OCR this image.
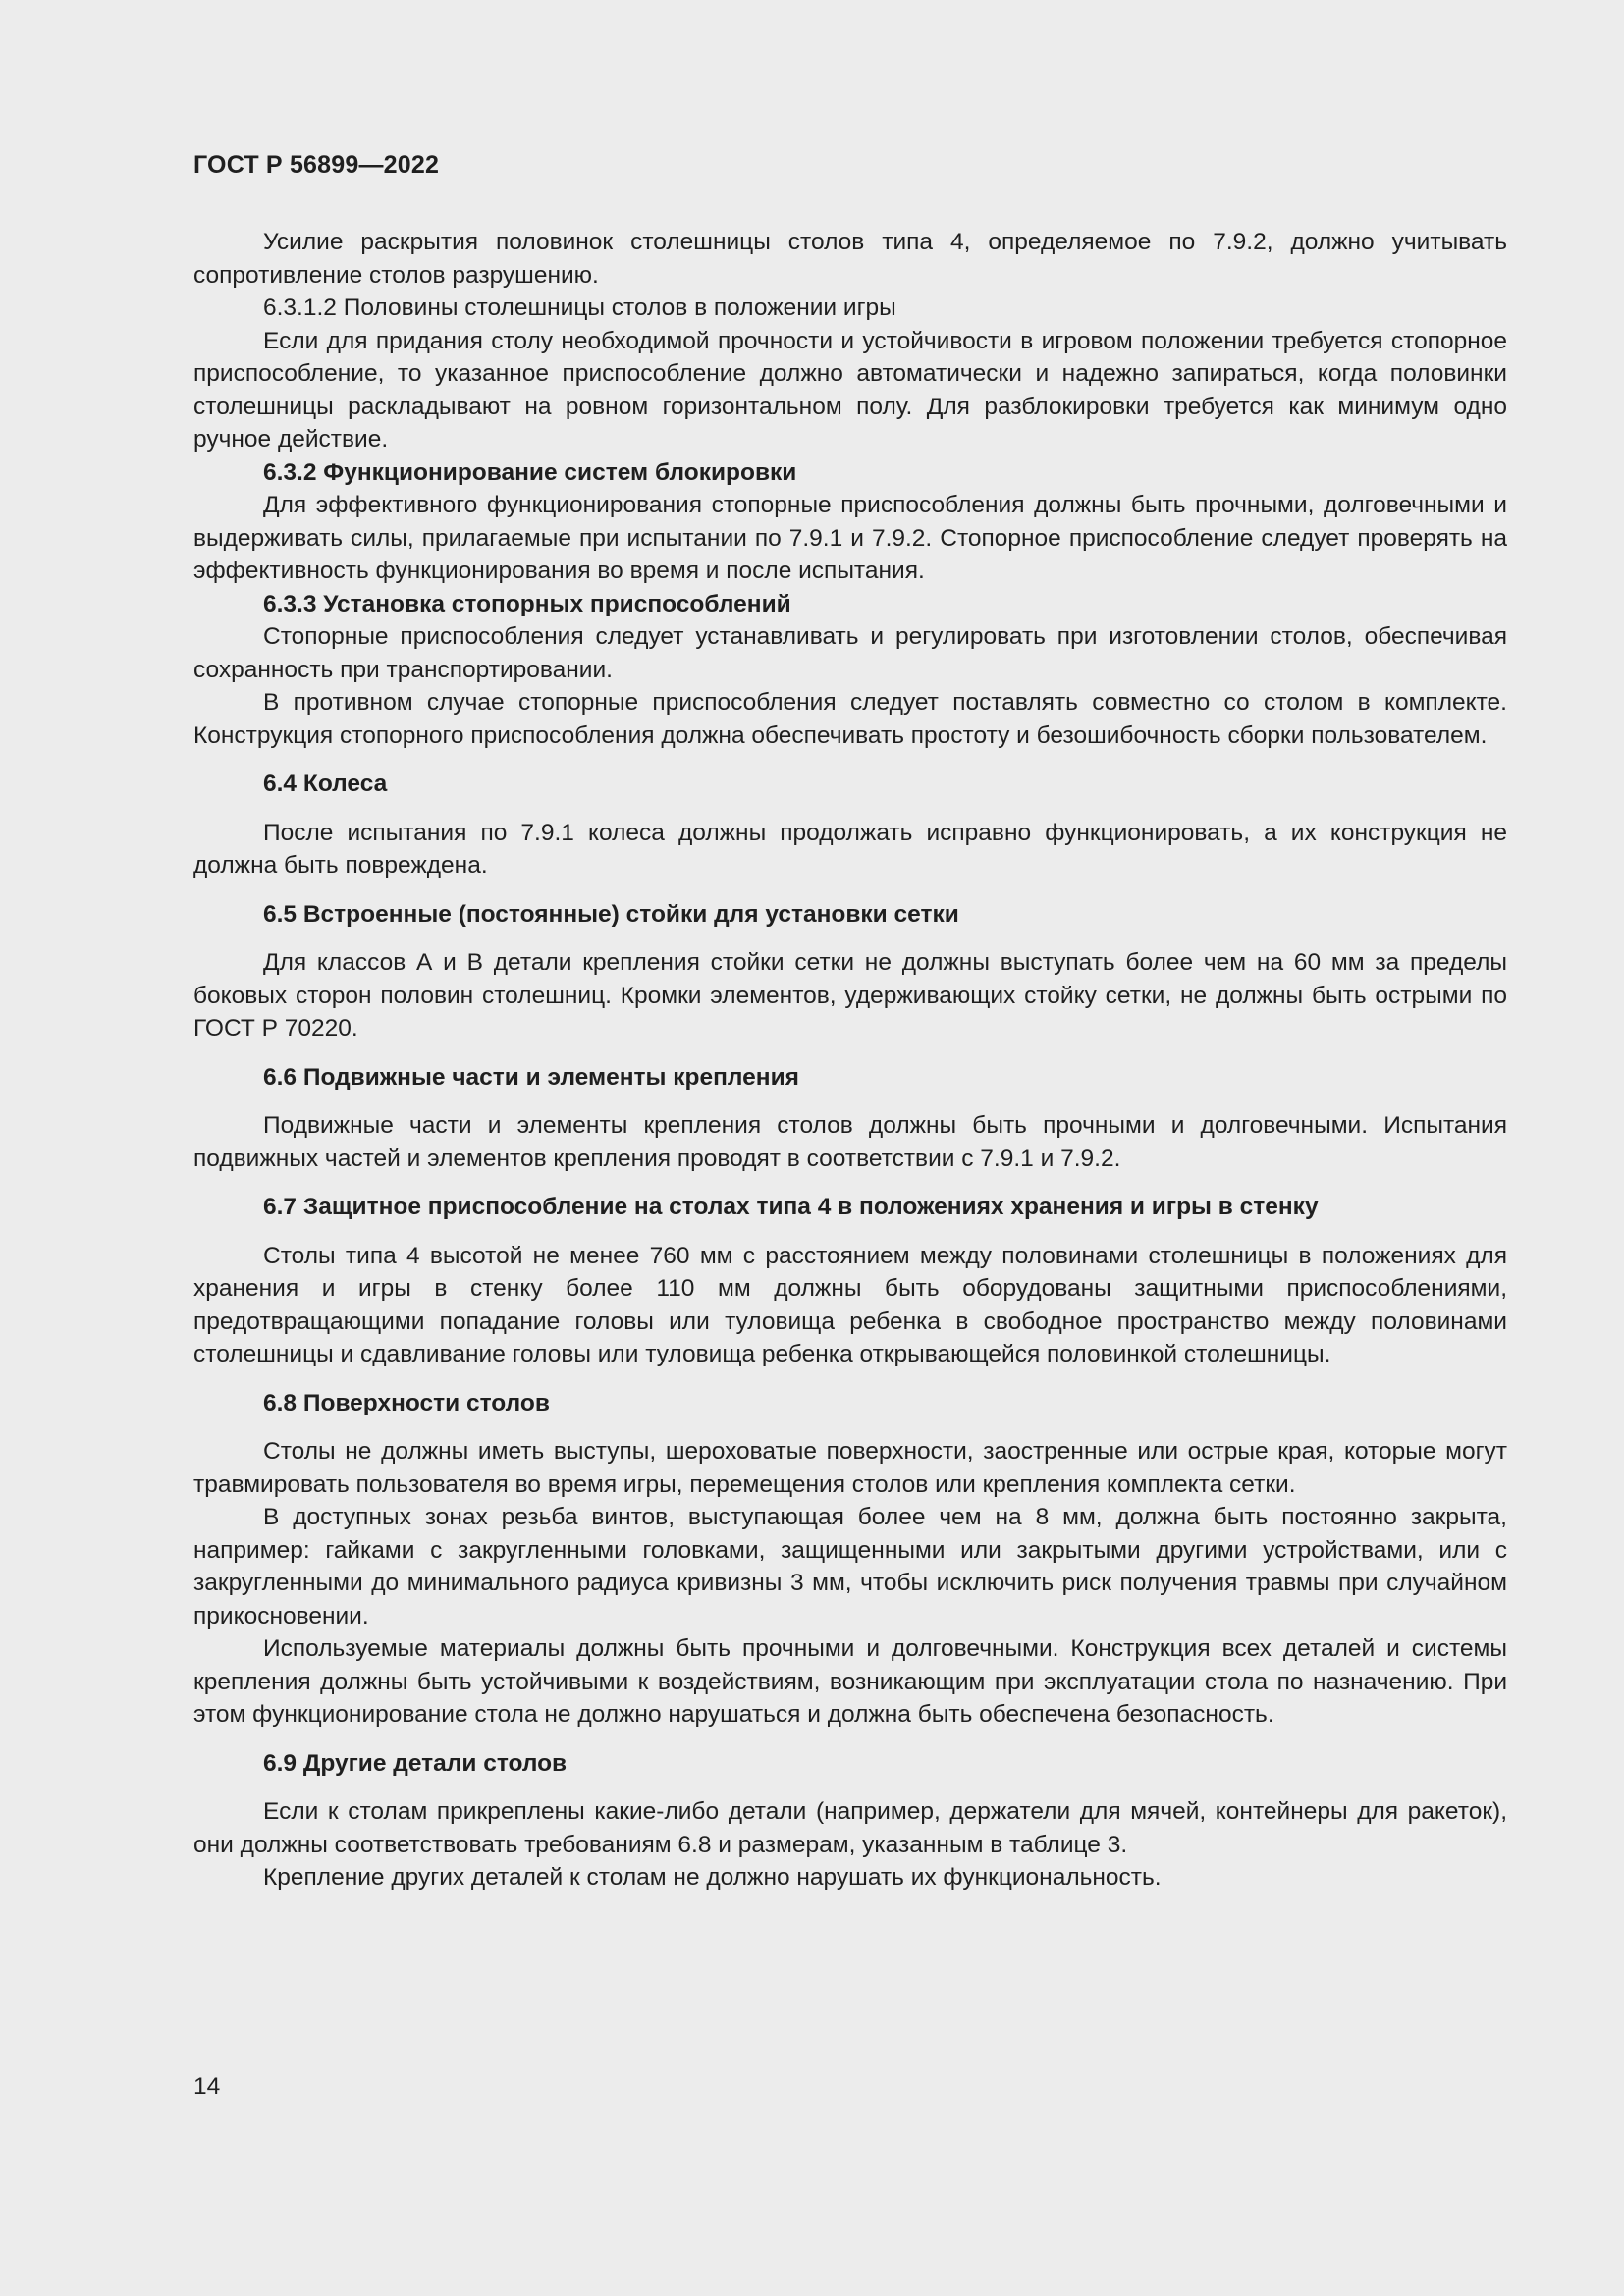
ГОСТ Р 56899—2022

Усилие раскрытия половинок столешницы столов типа 4, определяемое по 7.9.2, должно учитывать сопротивление столов разрушению.

6.3.1.2 Половины столешницы столов в положении игры

Если для придания столу необходимой прочности и устойчивости в игровом положении требуется стопорное приспособление, то указанное приспособление должно автоматически и надежно запираться, когда половинки столешницы раскладывают на ровном горизонтальном полу. Для разблокировки требуется как минимум одно ручное действие.

6.3.2 Функционирование систем блокировки

Для эффективного функционирования стопорные приспособления должны быть прочными, долговечными и выдерживать силы, прилагаемые при испытании по 7.9.1 и 7.9.2. Стопорное приспособление следует проверять на эффективность функционирования во время и после испытания.

6.3.3 Установка стопорных приспособлений

Стопорные приспособления следует устанавливать и регулировать при изготовлении столов, обеспечивая сохранность при транспортировании.

В противном случае стопорные приспособления следует поставлять совместно со столом в комплекте. Конструкция стопорного приспособления должна обеспечивать простоту и безошибочность сборки пользователем.

6.4 Колеса

После испытания по 7.9.1 колеса должны продолжать исправно функционировать, а их конструкция не должна быть повреждена.

6.5 Встроенные (постоянные) стойки для установки сетки

Для классов А и В детали крепления стойки сетки не должны выступать более чем на 60 мм за пределы боковых сторон половин столешниц. Кромки элементов, удерживающих стойку сетки, не должны быть острыми по ГОСТ Р 70220.

6.6 Подвижные части и элементы крепления

Подвижные части и элементы крепления столов должны быть прочными и долговечными. Испытания подвижных частей и элементов крепления проводят в соответствии с 7.9.1 и 7.9.2.

6.7 Защитное приспособление на столах типа 4 в положениях хранения и игры в стенку

Столы типа 4 высотой не менее 760 мм с расстоянием между половинами столешницы в положениях для хранения и игры в стенку более 110 мм должны быть оборудованы защитными приспособлениями, предотвращающими попадание головы или туловища ребенка в свободное пространство между половинами столешницы и сдавливание головы или туловища ребенка открывающейся половинкой столешницы.

6.8 Поверхности столов

Столы не должны иметь выступы, шероховатые поверхности, заостренные или острые края, которые могут травмировать пользователя во время игры, перемещения столов или крепления комплекта сетки.

В доступных зонах резьба винтов, выступающая более чем на 8 мм, должна быть постоянно закрыта, например: гайками с закругленными головками, защищенными или закрытыми другими устройствами, или с закругленными до минимального радиуса кривизны 3 мм, чтобы исключить риск получения травмы при случайном прикосновении.

Используемые материалы должны быть прочными и долговечными. Конструкция всех деталей и системы крепления должны быть устойчивыми к воздействиям, возникающим при эксплуатации стола по назначению. При этом функционирование стола не должно нарушаться и должна быть обеспечена безопасность.

6.9 Другие детали столов

Если к столам прикреплены какие-либо детали (например, держатели для мячей, контейнеры для ракеток), они должны соответствовать требованиям 6.8 и размерам, указанным в таблице 3.

Крепление других деталей к столам не должно нарушать их функциональность.

14
